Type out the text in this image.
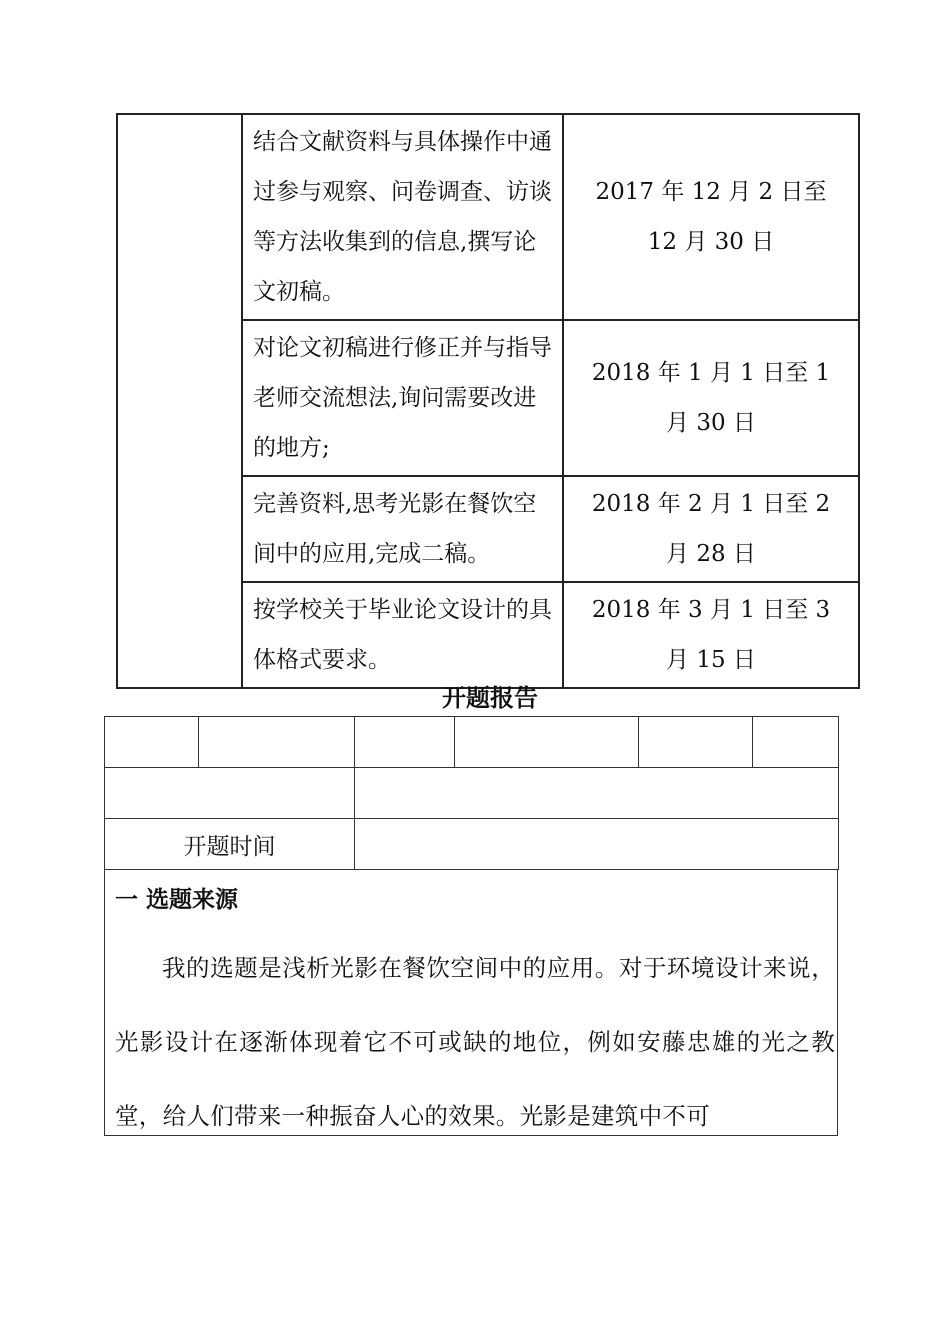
	结合文献资料与具体操作中通过参与观察、问卷调查、访谈等方法收集到的信息,撰写论文初稿。	2017 年 12 月 2 日至 12 月 30 日
	对论文初稿进行修正并与指导老师交流想法,询问需要改进的地方;	2018 年 1 月 1 日至 1 月 30 日
	完善资料,思考光影在餐饮空间中的应用,完成二稿。	2018 年 2 月 1 日至 2 月 28 日
	按学校关于毕业论文设计的具体格式要求。	2018 年 3 月 1 日至 3 月 15 日
开题报告

开题时间					
一 选题来源
我的选题是浅析光影在餐饮空间中的应用。对于环境设计来说，光影设计在逐渐体现着它不可或缺的地位，例如安藤忠雄的光之教堂，给人们带来一种振奋人心的效果。光影是建筑中不可
